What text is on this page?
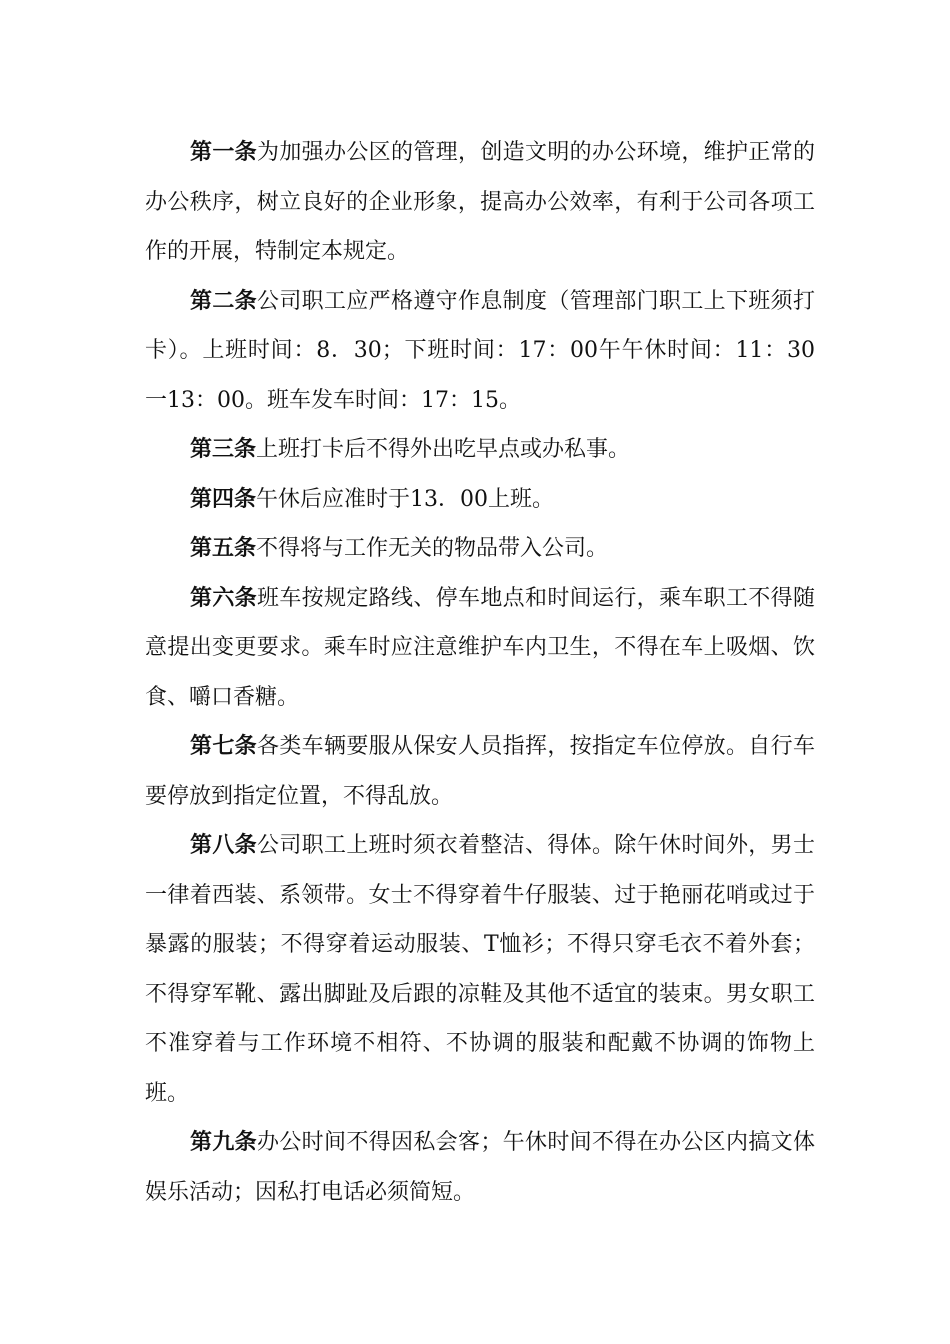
第一条为加强办公区的管理，创造文明的办公环境，维护正常的办公秩序，树立良好的企业形象，提高办公效率，有利于公司各项工作的开展，特制定本规定。

第二条公司职工应严格遵守作息制度（管理部门职工上下班须打卡）。上班时间：8．30；下班时间：17：00午午休时间：11：30一13：00。班车发车时间：17：15。

第三条上班打卡后不得外出吃早点或办私事。

第四条午休后应准时于13．00上班。

第五条不得将与工作无关的物品带入公司。

第六条班车按规定路线、停车地点和时间运行，乘车职工不得随意提出变更要求。乘车时应注意维护车内卫生，不得在车上吸烟、饮食、嚼口香糖。

第七条各类车辆要服从保安人员指挥，按指定车位停放。自行车要停放到指定位置，不得乱放。

第八条公司职工上班时须衣着整洁、得体。除午休时间外，男士一律着西装、系领带。女士不得穿着牛仔服装、过于艳丽花哨或过于暴露的服装；不得穿着运动服装、T恤衫；不得只穿毛衣不着外套；不得穿军靴、露出脚趾及后跟的凉鞋及其他不适宜的装束。男女职工不准穿着与工作环境不相符、不协调的服装和配戴不协调的饰物上班。

第九条办公时间不得因私会客；午休时间不得在办公区内搞文体娱乐活动；因私打电话必须简短。
